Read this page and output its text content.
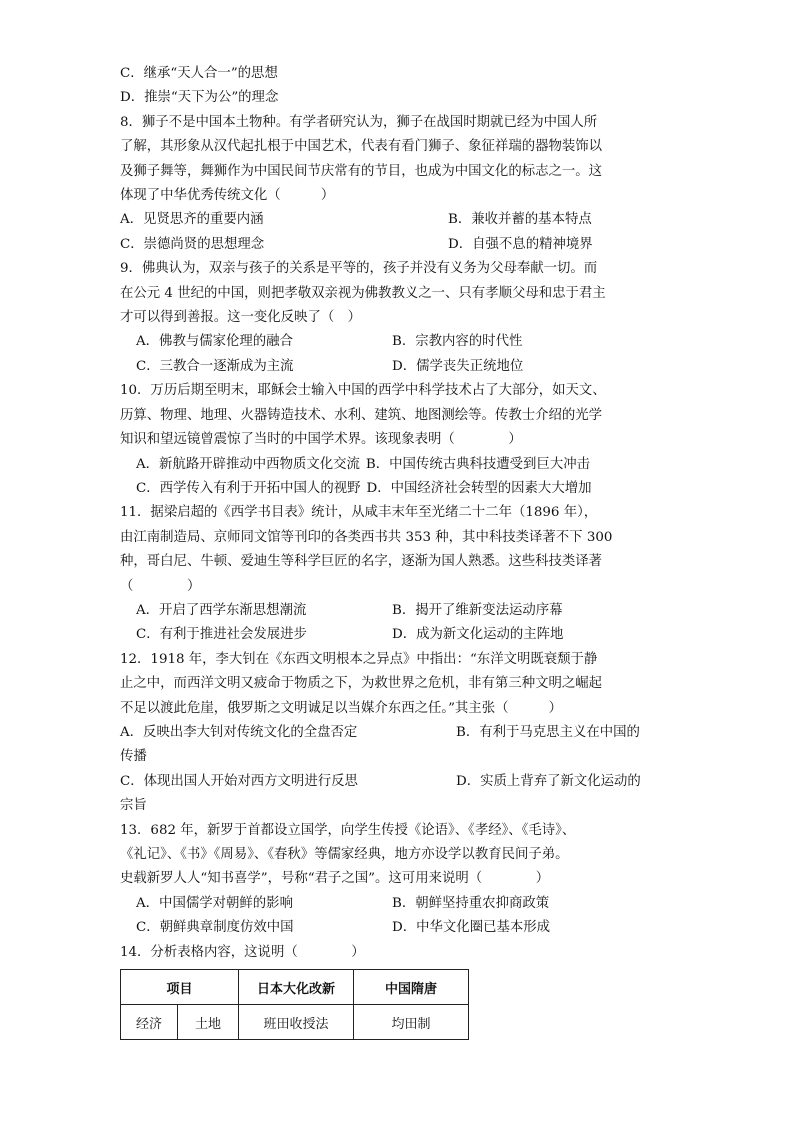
C．继承“天人合一”的思想
D．推崇“天下为公”的理念
8．狮子不是中国本土物种。有学者研究认为，狮子在战国时期就已经为中国人所
了解，其形象从汉代起扎根于中国艺术，代表有看门狮子、象征祥瑞的器物装饰以
及狮子舞等，舞狮作为中国民间节庆常有的节目，也成为中国文化的标志之一。这
体现了中华优秀传统文化（　　　）
A．见贤思齐的重要内涵	B．兼收并蓄的基本特点
C．崇德尚贤的思想理念	D．自强不息的精神境界
9．佛典认为，双亲与孩子的关系是平等的，孩子并没有义务为父母奉献一切。而
在公元 4 世纪的中国，则把孝敬双亲视为佛教教义之一、只有孝顺父母和忠于君主
才可以得到善报。这一变化反映了（　）
A．佛教与儒家伦理的融合	B．宗教内容的时代性
C．三教合一逐渐成为主流	D．儒学丧失正统地位
10．万历后期至明末，耶稣会士输入中国的西学中科学技术占了大部分，如天文、
历算、物理、地理、火器铸造技术、水利、建筑、地图测绘等。传教士介绍的光学
知识和望远镜曾震惊了当时的中国学术界。该现象表明（　　　　）
A．新航路开辟推动中西物质文化交流 B．中国传统古典科技遭受到巨大冲击
C．西学传入有利于开拓中国人的视野 D．中国经济社会转型的因素大大增加
11．据梁启超的《西学书目表》统计，从咸丰末年至光绪二十二年（1896 年），
由江南制造局、京师同文馆等刊印的各类西书共 353 种，其中科技类译著不下 300
种，哥白尼、牛顿、爱迪生等科学巨匠的名字，逐渐为国人熟悉。这些科技类译著
（　　　　）
A．开启了西学东渐思想潮流	B．揭开了维新变法运动序幕
C．有利于推进社会发展进步	D．成为新文化运动的主阵地
12．1918 年，李大钊在《东西文明根本之异点》中指出：“东洋文明既衰颓于静
止之中，而西洋文明又疲命于物质之下，为救世界之危机，非有第三种文明之崛起
不足以渡此危崖，俄罗斯之文明诚足以当媒介东西之任。”其主张（　　　）
A．反映出李大钊对传统文化的全盘否定	B．有利于马克思主义在中国的
传播
C．体现出国人开始对西方文明进行反思	D．实质上背弃了新文化运动的
宗旨
13．682 年，新罗于首都设立国学，向学生传授《论语》、《孝经》、《毛诗》、
《礼记》、《书》《周易》、《春秋》等儒家经典，地方亦设学以教育民间子弟。
史载新罗人人“知书喜学”，号称“君子之国”。这可用来说明（　　　　）
A．中国儒学对朝鲜的影响	B．朝鲜坚持重农抑商政策
C．朝鲜典章制度仿效中国	D．中华文化圈已基本形成
14．分析表格内容，这说明（　　　　）
项目		日本大化改新	中国隋唐
经济	土地	班田收授法	均田制
